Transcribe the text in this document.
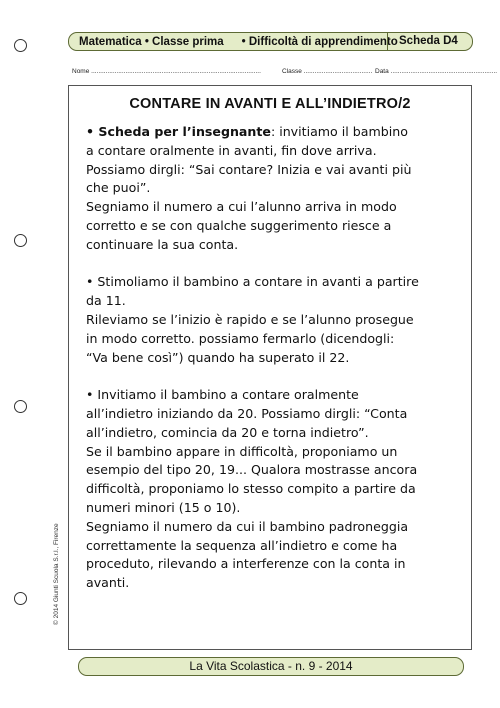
Matematica • Classe prima • Difficoltà di apprendimento Scheda D4
Nome ..............................................................................................	Classe ...................................... Data ...........................................................
CONTARE IN AVANTI E ALL’INDIETRO/2

• Scheda per l’insegnante: invitiamo il bambino

a contare oralmente in avanti, fin dove arriva.

Possiamo dirgli: “Sai contare? Inizia e vai avanti più

che puoi”.

Segniamo il numero a cui l’alunno arriva in modo

corretto e se con qualche suggerimento riesce a

continuare la sua conta.

• Stimoliamo il bambino a contare in avanti a partire

da 11.

Rileviamo se l’inizio è rapido e se l’alunno prosegue

in modo corretto. possiamo fermarlo (dicendogli:

“Va bene così”) quando ha superato il 22.

• Invitiamo il bambino a contare oralmente

all’indietro iniziando da 20. Possiamo dirgli: “Conta

all’indietro, comincia da 20 e torna indietro”.

Se il bambino appare in difficoltà, proponiamo un

esempio del tipo 20, 19... Qualora mostrasse ancora

difficoltà, proponiamo lo stesso compito a partire da

numeri minori (15 o 10).

Segniamo il numero da cui il bambino padroneggia

correttamente la sequenza all’indietro e come ha

proceduto, rilevando a interferenze con la conta in

avanti.

© 2014 Giunti Scuola S.r.l., Firenze
La Vita Scolastica - n. 9 - 2014
